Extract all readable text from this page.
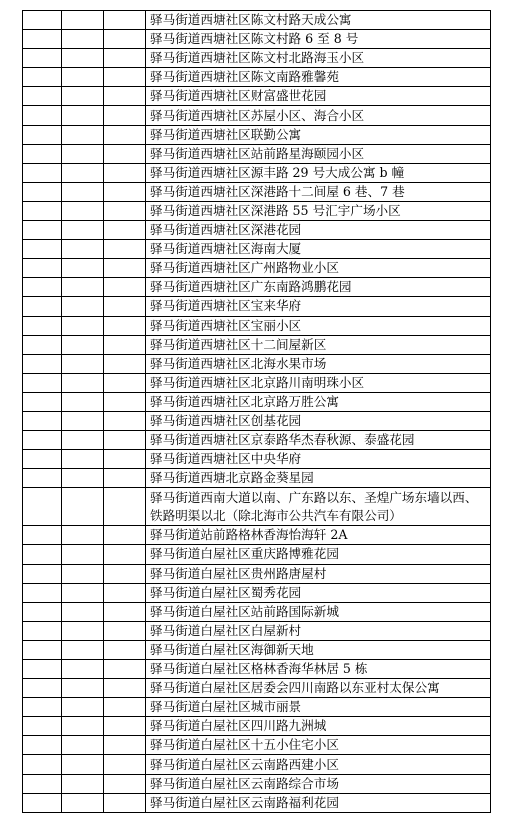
			驿马街道西塘社区陈文村路天成公寓
			驿马街道西塘社区陈文村路 6 至 8 号
			驿马街道西塘社区陈文村北路海玉小区
			驿马街道西塘社区陈文南路雅馨苑
			驿马街道西塘社区财富盛世花园
			驿马街道西塘社区苏屋小区、海合小区
			驿马街道西塘社区联勤公寓
			驿马街道西塘社区站前路星海颐园小区
			驿马街道西塘社区源丰路 29 号大成公寓 b 幢
			驿马街道西塘社区深港路十二间屋 6 巷、7 巷
			驿马街道西塘社区深港路 55 号汇宇广场小区
			驿马街道西塘社区深港花园
			驿马街道西塘社区海南大厦
			驿马街道西塘社区广州路物业小区
			驿马街道西塘社区广东南路鸿鹏花园
			驿马街道西塘社区宝来华府
			驿马街道西塘社区宝丽小区
			驿马街道西塘社区十二间屋新区
			驿马街道西塘社区北海水果市场
			驿马街道西塘社区北京路川南明珠小区
			驿马街道西塘社区北京路万胜公寓
			驿马街道西塘社区创基花园
			驿马街道西塘社区京泰路华杰春秋源、泰盛花园
			驿马街道西塘社区中央华府
			驿马街道西塘北京路金葵星园
			驿马街道西南大道以南、广东路以东、圣煌广场东墙以西、铁路明渠以北（除北海市公共汽车有限公司）
			驿马街道站前路格林香海怡海轩 2A
			驿马街道白屋社区重庆路博雅花园
			驿马街道白屋社区贵州路唐屋村
			驿马街道白屋社区蜀秀花园
			驿马街道白屋社区站前路国际新城
			驿马街道白屋社区白屋新村
			驿马街道白屋社区海御新天地
			驿马街道白屋社区格林香海华林居 5 栋
			驿马街道白屋社区居委会四川南路以东亚村太保公寓
			驿马街道白屋社区城市丽景
			驿马街道白屋社区四川路九洲城
			驿马街道白屋社区十五小住宅小区
			驿马街道白屋社区云南路西建小区
			驿马街道白屋社区云南路综合市场
			驿马街道白屋社区云南路福利花园
